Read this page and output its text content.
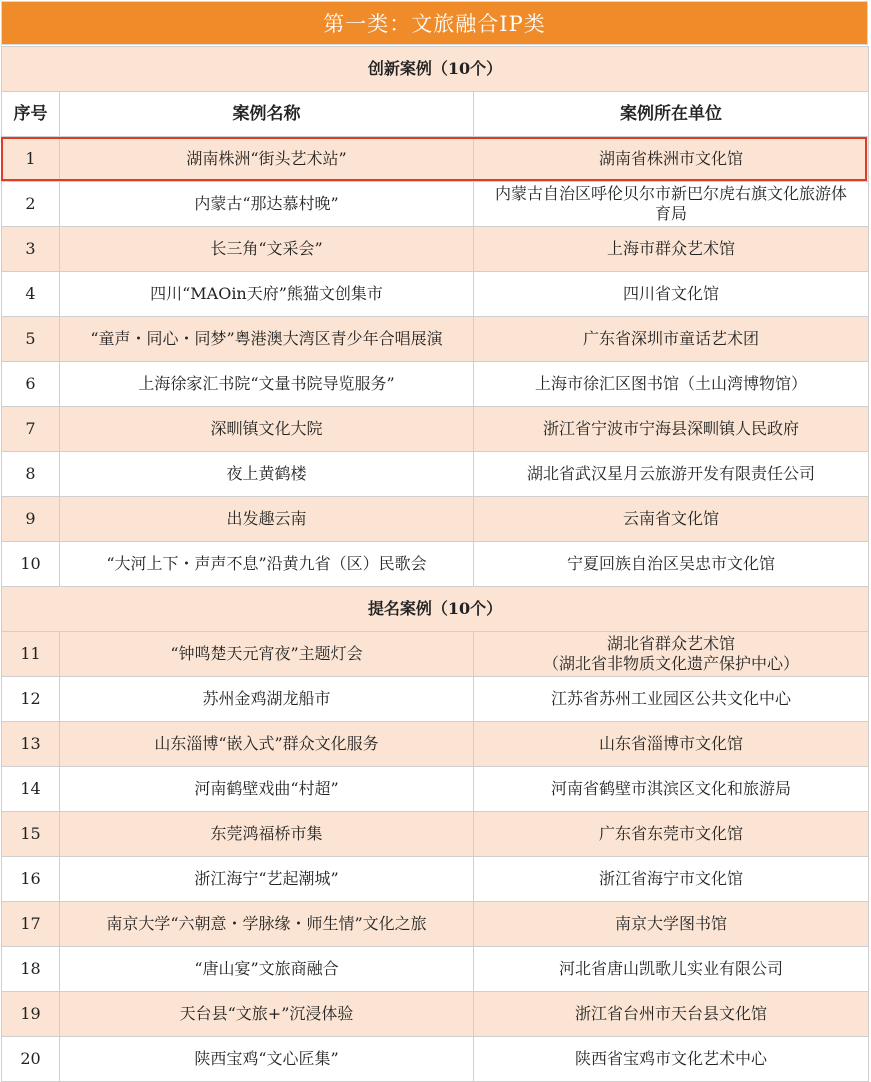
第一类：文旅融合IP类
创新案例（10个）		
序号	案例名称	案例所在单位
1	湖南株洲“街头艺术站”	湖南省株洲市文化馆

2	内蒙古“那达慕村晚”	内蒙古自治区呼伦贝尔市新巴尔虎右旗文化旅游体
育局

3	长三角“文采会”	上海市群众艺术馆

4	四川“MAOin天府”熊猫文创集市	四川省文化馆

5	“童声・同心・同梦”粤港澳大湾区青少年合唱展演	广东省深圳市童话艺术团

6	上海徐家汇书院“文量书院导览服务”	上海市徐汇区图书馆（土山湾博物馆）

7	深甽镇文化大院	浙江省宁波市宁海县深甽镇人民政府

8	夜上黄鹤楼	湖北省武汉星月云旅游开发有限责任公司

9	出发趣云南	云南省文化馆

10	“大河上下・声声不息”沿黄九省（区）民歌会	宁夏回族自治区吴忠市文化馆

提名案例（10个）		
11	“钟鸣楚天元宵夜”主题灯会	湖北省群众艺术馆
（湖北省非物质文化遗产保护中心）

12	苏州金鸡湖龙船市	江苏省苏州工业园区公共文化中心

13	山东淄博“嵌入式”群众文化服务	山东省淄博市文化馆

14	河南鹤壁戏曲“村超”	河南省鹤壁市淇滨区文化和旅游局

15	东莞鸿福桥市集	广东省东莞市文化馆

16	浙江海宁“艺起潮城”	浙江省海宁市文化馆

17	南京大学“六朝意・学脉缘・师生情”文化之旅	南京大学图书馆

18	“唐山宴”文旅商融合	河北省唐山凯歌儿实业有限公司

19	天台县“文旅+”沉浸体验	浙江省台州市天台县文化馆

20	陕西宝鸡“文心匠集”	陕西省宝鸡市文化艺术中心
